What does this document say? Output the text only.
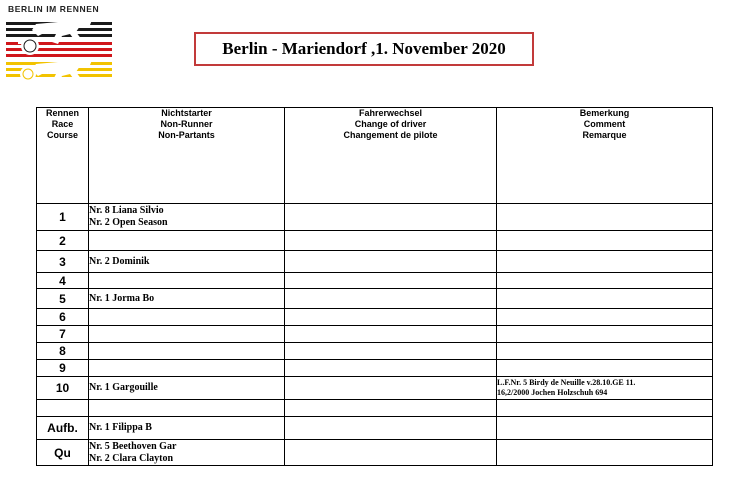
BERLIN IM RENNEN
Berlin - Mariendorf ,1. November 2020
Rennen
Race
Course	Nichtstarter
Non-Runner
Non-Partants	Fahrerwechsel
Change of driver
Changement de pilote	Bemerkung
Comment
Remarque

1	Nr. 8 Liana Silvio
Nr. 2 Open Season		

2			
3	Nr. 2 Dominik		

4			
5	Nr. 1 Jorma Bo		

6			
7			
8			
9			
10	Nr. 1 Gargouille		L.F.Nr. 5 Birdy de Neuille v.28.10.GE 11.
16,2/2000 Jochen Holzschuh 694

Aufb.	Nr. 1 Filippa B		

Qu	Nr. 5 Beethoven Gar
Nr. 2 Clara Clayton		
